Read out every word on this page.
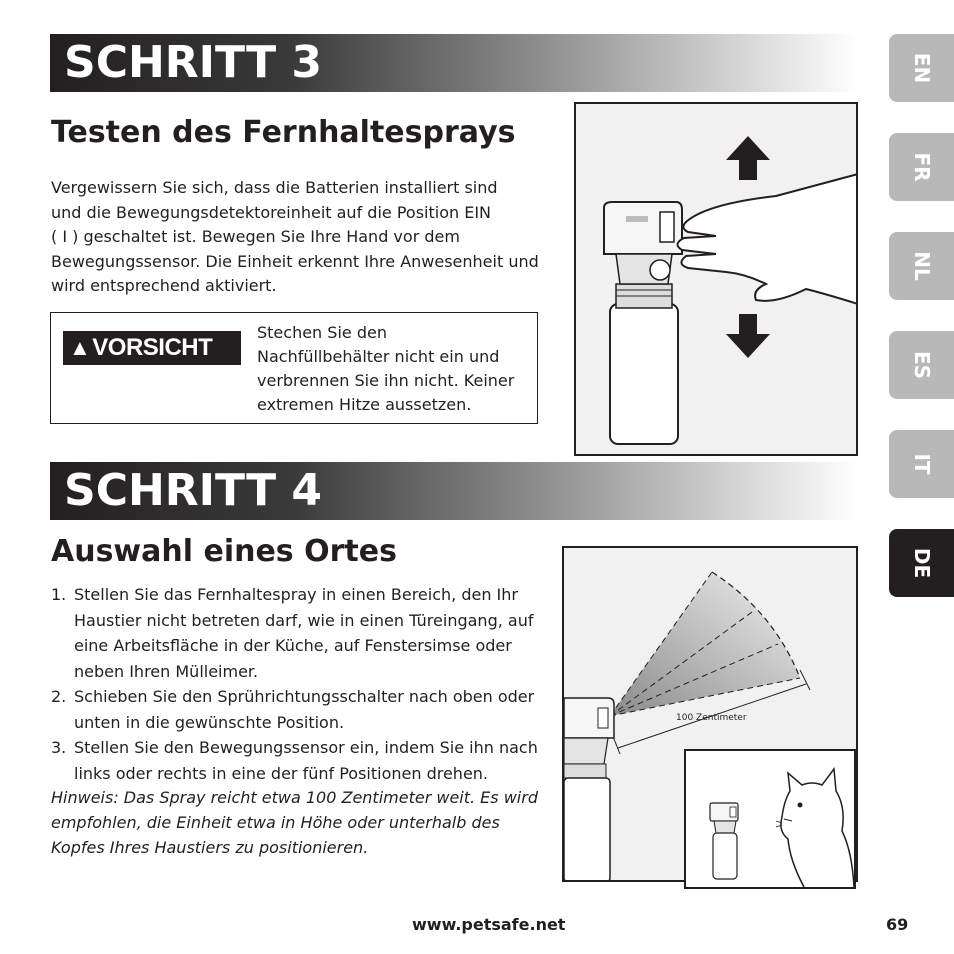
SCHRITT 3
Testen des Fernhaltesprays

Vergewissern Sie sich, dass die Batterien installiert sind
und die Bewegungsdetektoreinheit auf die Position EIN
( I ) geschaltet ist. Bewegen Sie Ihre Hand vor dem
Bewegungssensor. Die Einheit erkennt Ihre Anwesenheit und
wird entsprechend aktiviert.

▲VORSICHT

Stechen Sie den
Nachfüllbehälter nicht ein und
verbrennen Sie ihn nicht. Keiner
extremen Hitze aussetzen.

SCHRITT 4
Auswahl eines Ortes
1. Stellen Sie das Fernhaltespray in einen Bereich, den Ihr
Haustier nicht betreten darf, wie in einen Türeingang, auf
eine Arbeitsfläche in der Küche, auf Fenstersimse oder
neben Ihren Mülleimer.
2. Schieben Sie den Sprührichtungsschalter nach oben oder
unten in die gewünschte Position.
3. Stellen Sie den Bewegungssensor ein, indem Sie ihn nach
links oder rechts in eine der fünf Positionen drehen.

Hinweis: Das Spray reicht etwa 100 Zentimeter weit. Es wird
empfohlen, die Einheit etwa in Höhe oder unterhalb des
Kopfes Ihres Haustiers zu positionieren.

100 Zentimeter
EN
FR
NL
ES
IT
DE
www.petsafe.net	69
